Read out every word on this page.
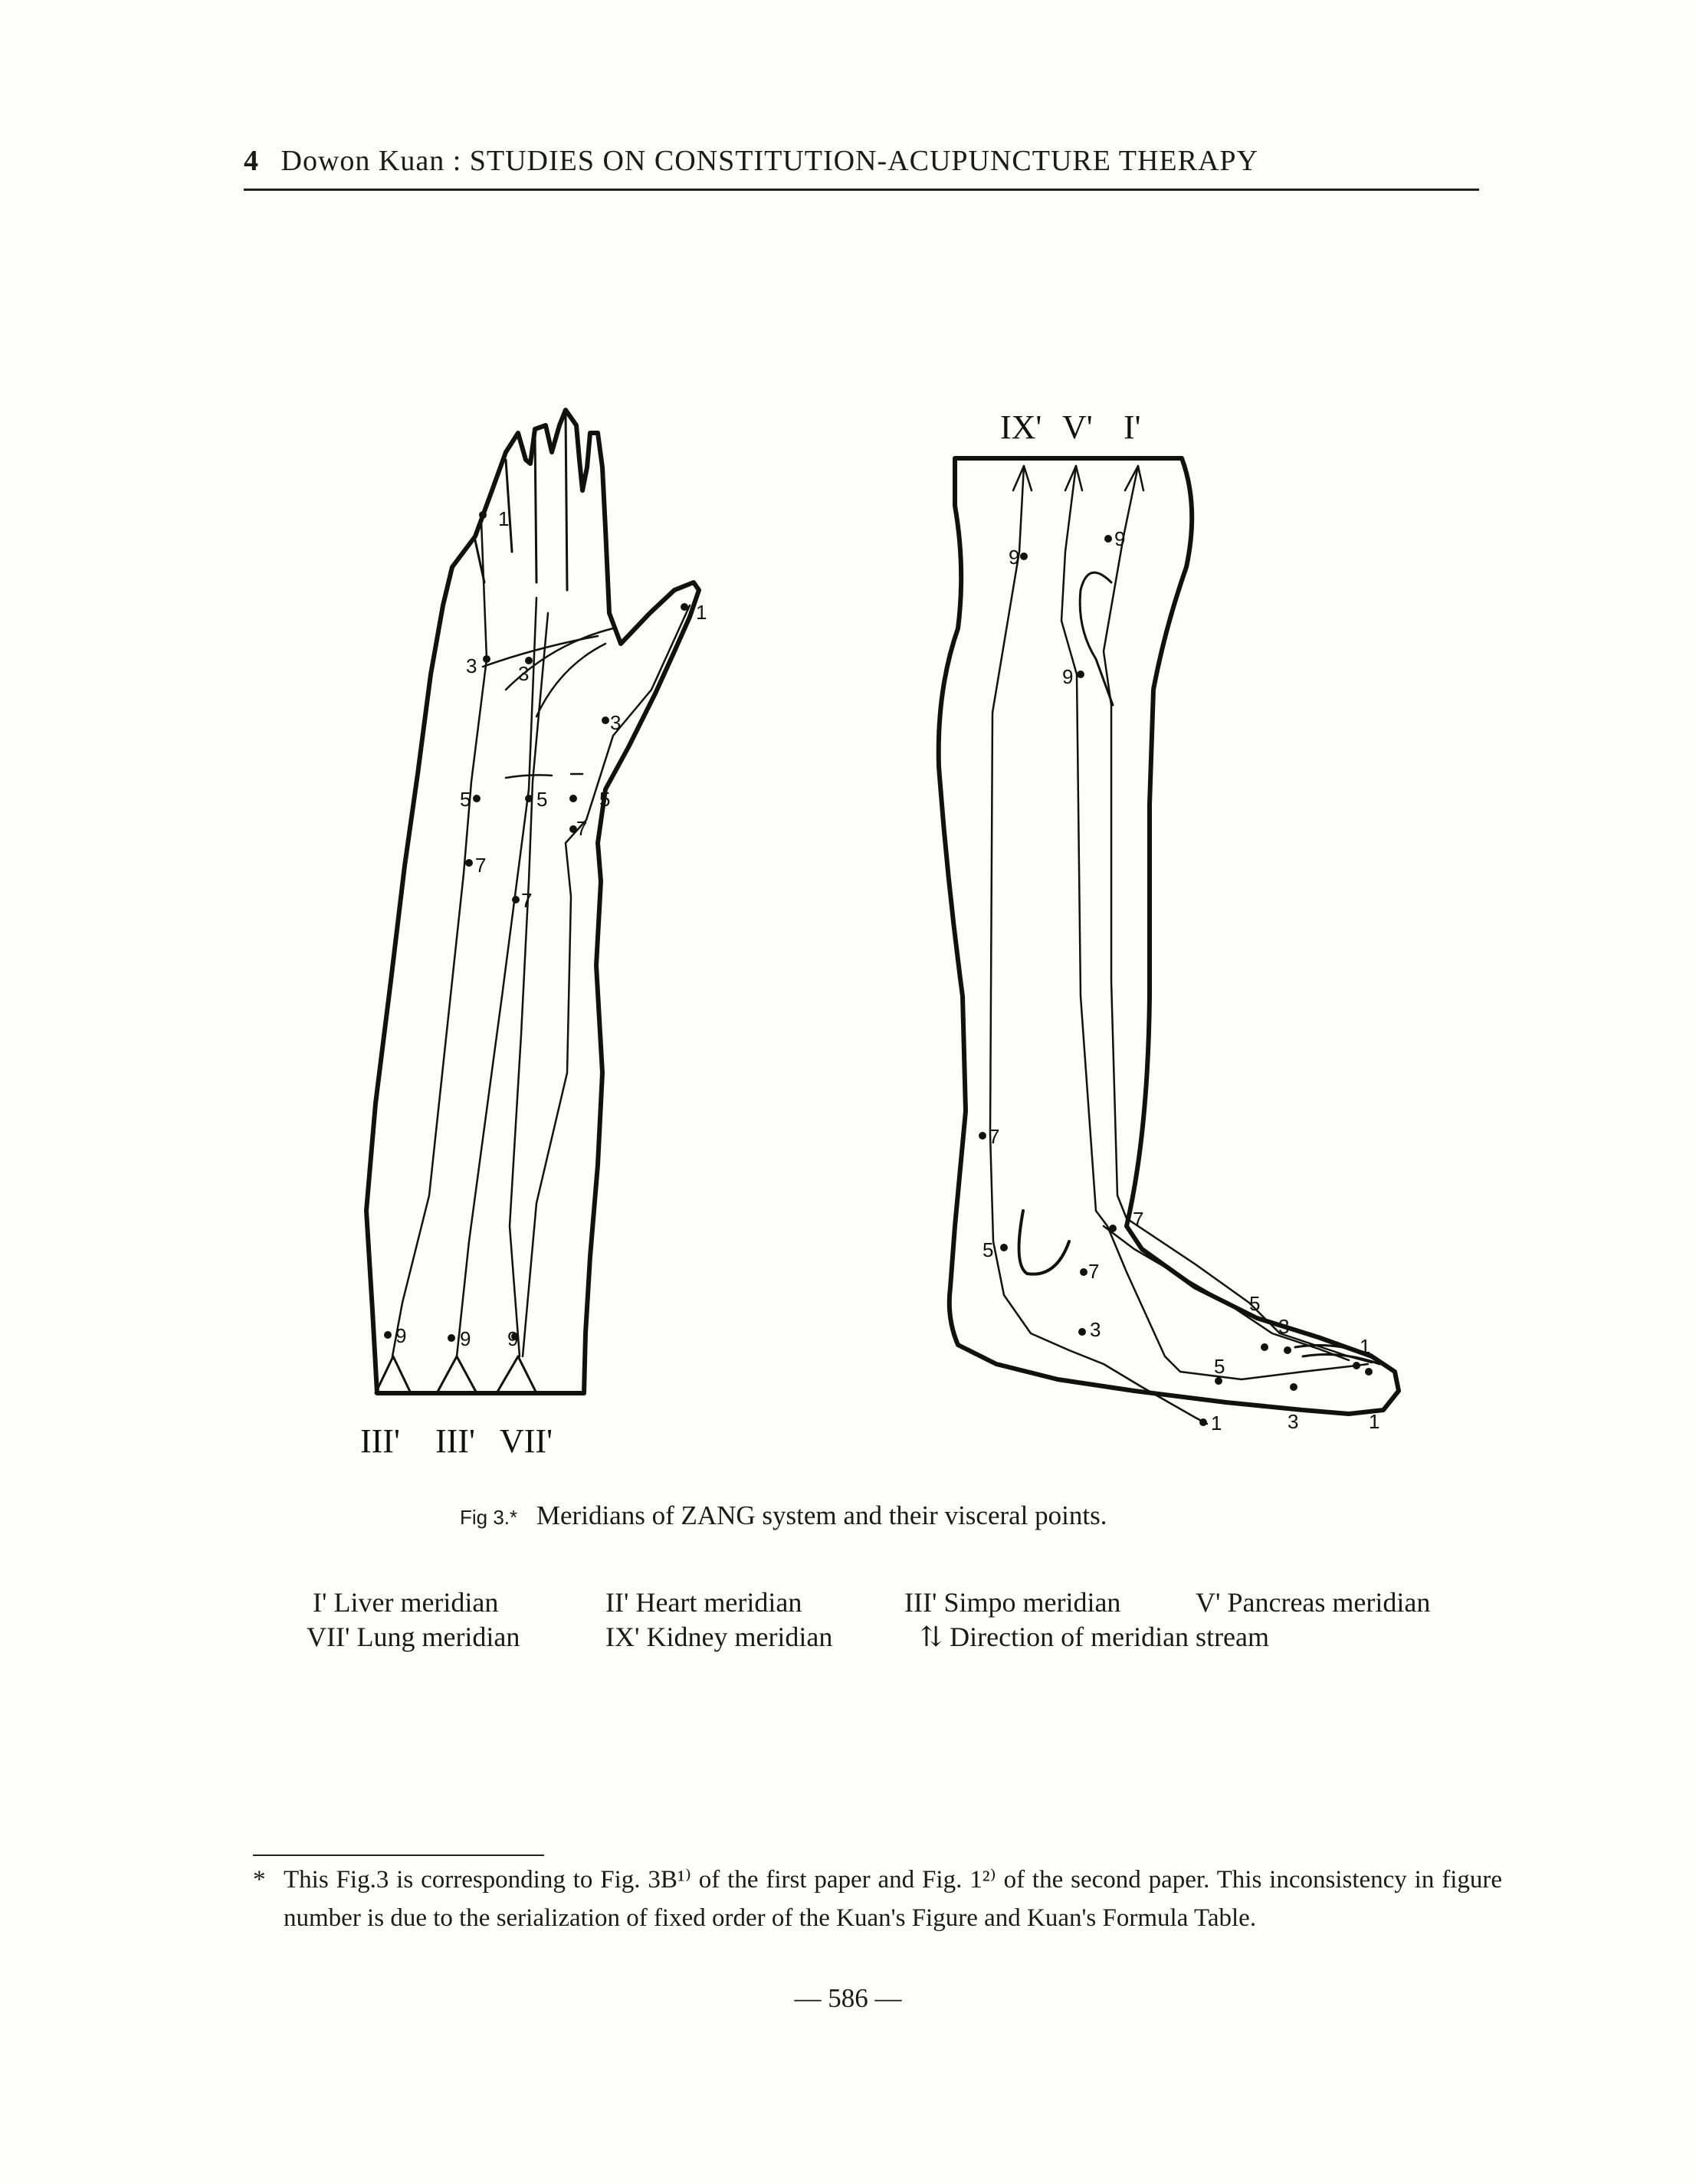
4 Dowon Kuan : STUDIES ON CONSTITUTION-ACUPUNCTURE THERAPY
1
1
3 3
3
5	5	5
7
7
7
9	9 9
III' III' VII'
9
9
9
7
7
7
5
5
5
3	3
3
1
1
1
IX' V' I'
Fig 3.* Meridians of ZANG system and their visceral points.
I' Liver meridian	II' Heart meridian	III' Simpo meridian	V' Pancreas meridian
VII' Lung meridian	IX' Kidney meridian	⇅ Direction of meridian stream
* This Fig.3 is corresponding to Fig. 3B¹⁾ of the first paper and Fig. 1²⁾ of the second paper. This inconsistency in figure number is due to the serialization of fixed order of the Kuan's Figure and Kuan's Formula Table.
— 586 —
